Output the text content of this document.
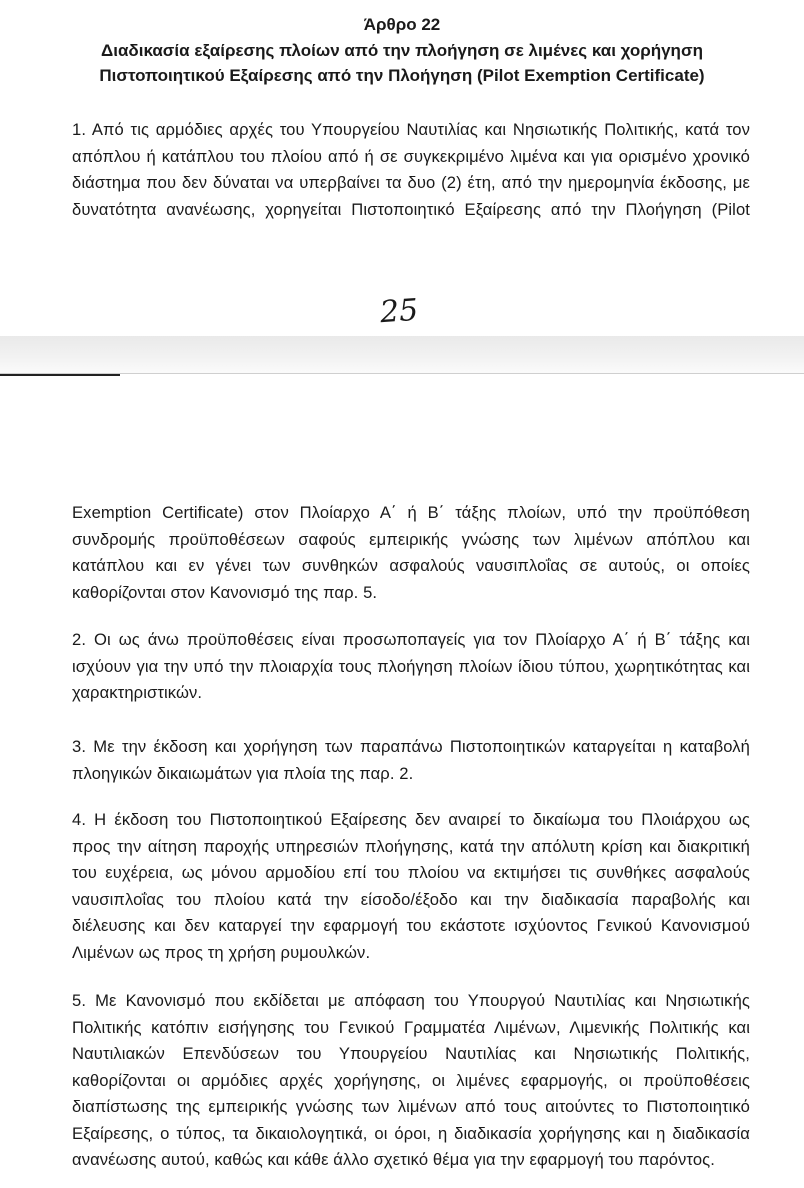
Άρθρο 22
Διαδικασία εξαίρεσης πλοίων από την πλοήγηση σε λιμένες και χορήγηση
Πιστοποιητικού Εξαίρεσης από την Πλοήγηση (Pilot Exemption Certificate)
1. Από τις αρμόδιες αρχές του Υπουργείου Ναυτιλίας και Νησιωτικής Πολιτικής, κατά τον απόπλου ή κατάπλου του πλοίου από ή σε συγκεκριμένο λιμένα και για ορισμένο χρονικό διάστημα που δεν δύναται να υπερβαίνει τα δυο (2) έτη, από την ημερομηνία έκδοσης, με δυνατότητα ανανέωσης, χορηγείται Πιστοποιητικό Εξαίρεσης από την Πλοήγηση (Pilot
25
Exemption Certificate) στον Πλοίαρχο Α΄ ή Β΄ τάξης πλοίων, υπό την προϋπόθεση συνδρομής προϋποθέσεων σαφούς εμπειρικής γνώσης των λιμένων απόπλου και κατάπλου και εν γένει των συνθηκών ασφαλούς ναυσιπλοΐας σε αυτούς, οι οποίες καθορίζονται στον Κανονισμό της παρ. 5.
2. Οι ως άνω προϋποθέσεις είναι προσωποπαγείς για τον Πλοίαρχο Α΄ ή Β΄ τάξης και ισχύουν για την υπό την πλοιαρχία τους πλοήγηση πλοίων ίδιου τύπου, χωρητικότητας και χαρακτηριστικών.
3. Με την έκδοση και χορήγηση των παραπάνω Πιστοποιητικών καταργείται η καταβολή πλοηγικών δικαιωμάτων για πλοία της παρ. 2.
4. Η έκδοση του Πιστοποιητικού Εξαίρεσης δεν αναιρεί το δικαίωμα του Πλοιάρχου ως προς την αίτηση παροχής υπηρεσιών πλοήγησης, κατά την απόλυτη κρίση και διακριτική του ευχέρεια, ως μόνου αρμοδίου επί του πλοίου να εκτιμήσει τις συνθήκες ασφαλούς ναυσιπλοΐας του πλοίου κατά την είσοδο/έξοδο και την διαδικασία παραβολής και διέλευσης και δεν καταργεί την εφαρμογή του εκάστοτε ισχύοντος Γενικού Κανονισμού Λιμένων ως προς τη χρήση ρυμουλκών.
5. Με Κανονισμό που εκδίδεται με απόφαση του Υπουργού Ναυτιλίας και Νησιωτικής Πολιτικής κατόπιν εισήγησης του Γενικού Γραμματέα Λιμένων, Λιμενικής Πολιτικής και Ναυτιλιακών Επενδύσεων του Υπουργείου Ναυτιλίας και Νησιωτικής Πολιτικής, καθορίζονται οι αρμόδιες αρχές χορήγησης, οι λιμένες εφαρμογής, οι προϋποθέσεις διαπίστωσης της εμπειρικής γνώσης των λιμένων από τους αιτούντες το Πιστοποιητικό Εξαίρεσης, ο τύπος, τα δικαιολογητικά, οι όροι, η διαδικασία χορήγησης και η διαδικασία ανανέωσης αυτού, καθώς και κάθε άλλο σχετικό θέμα για την εφαρμογή του παρόντος.
